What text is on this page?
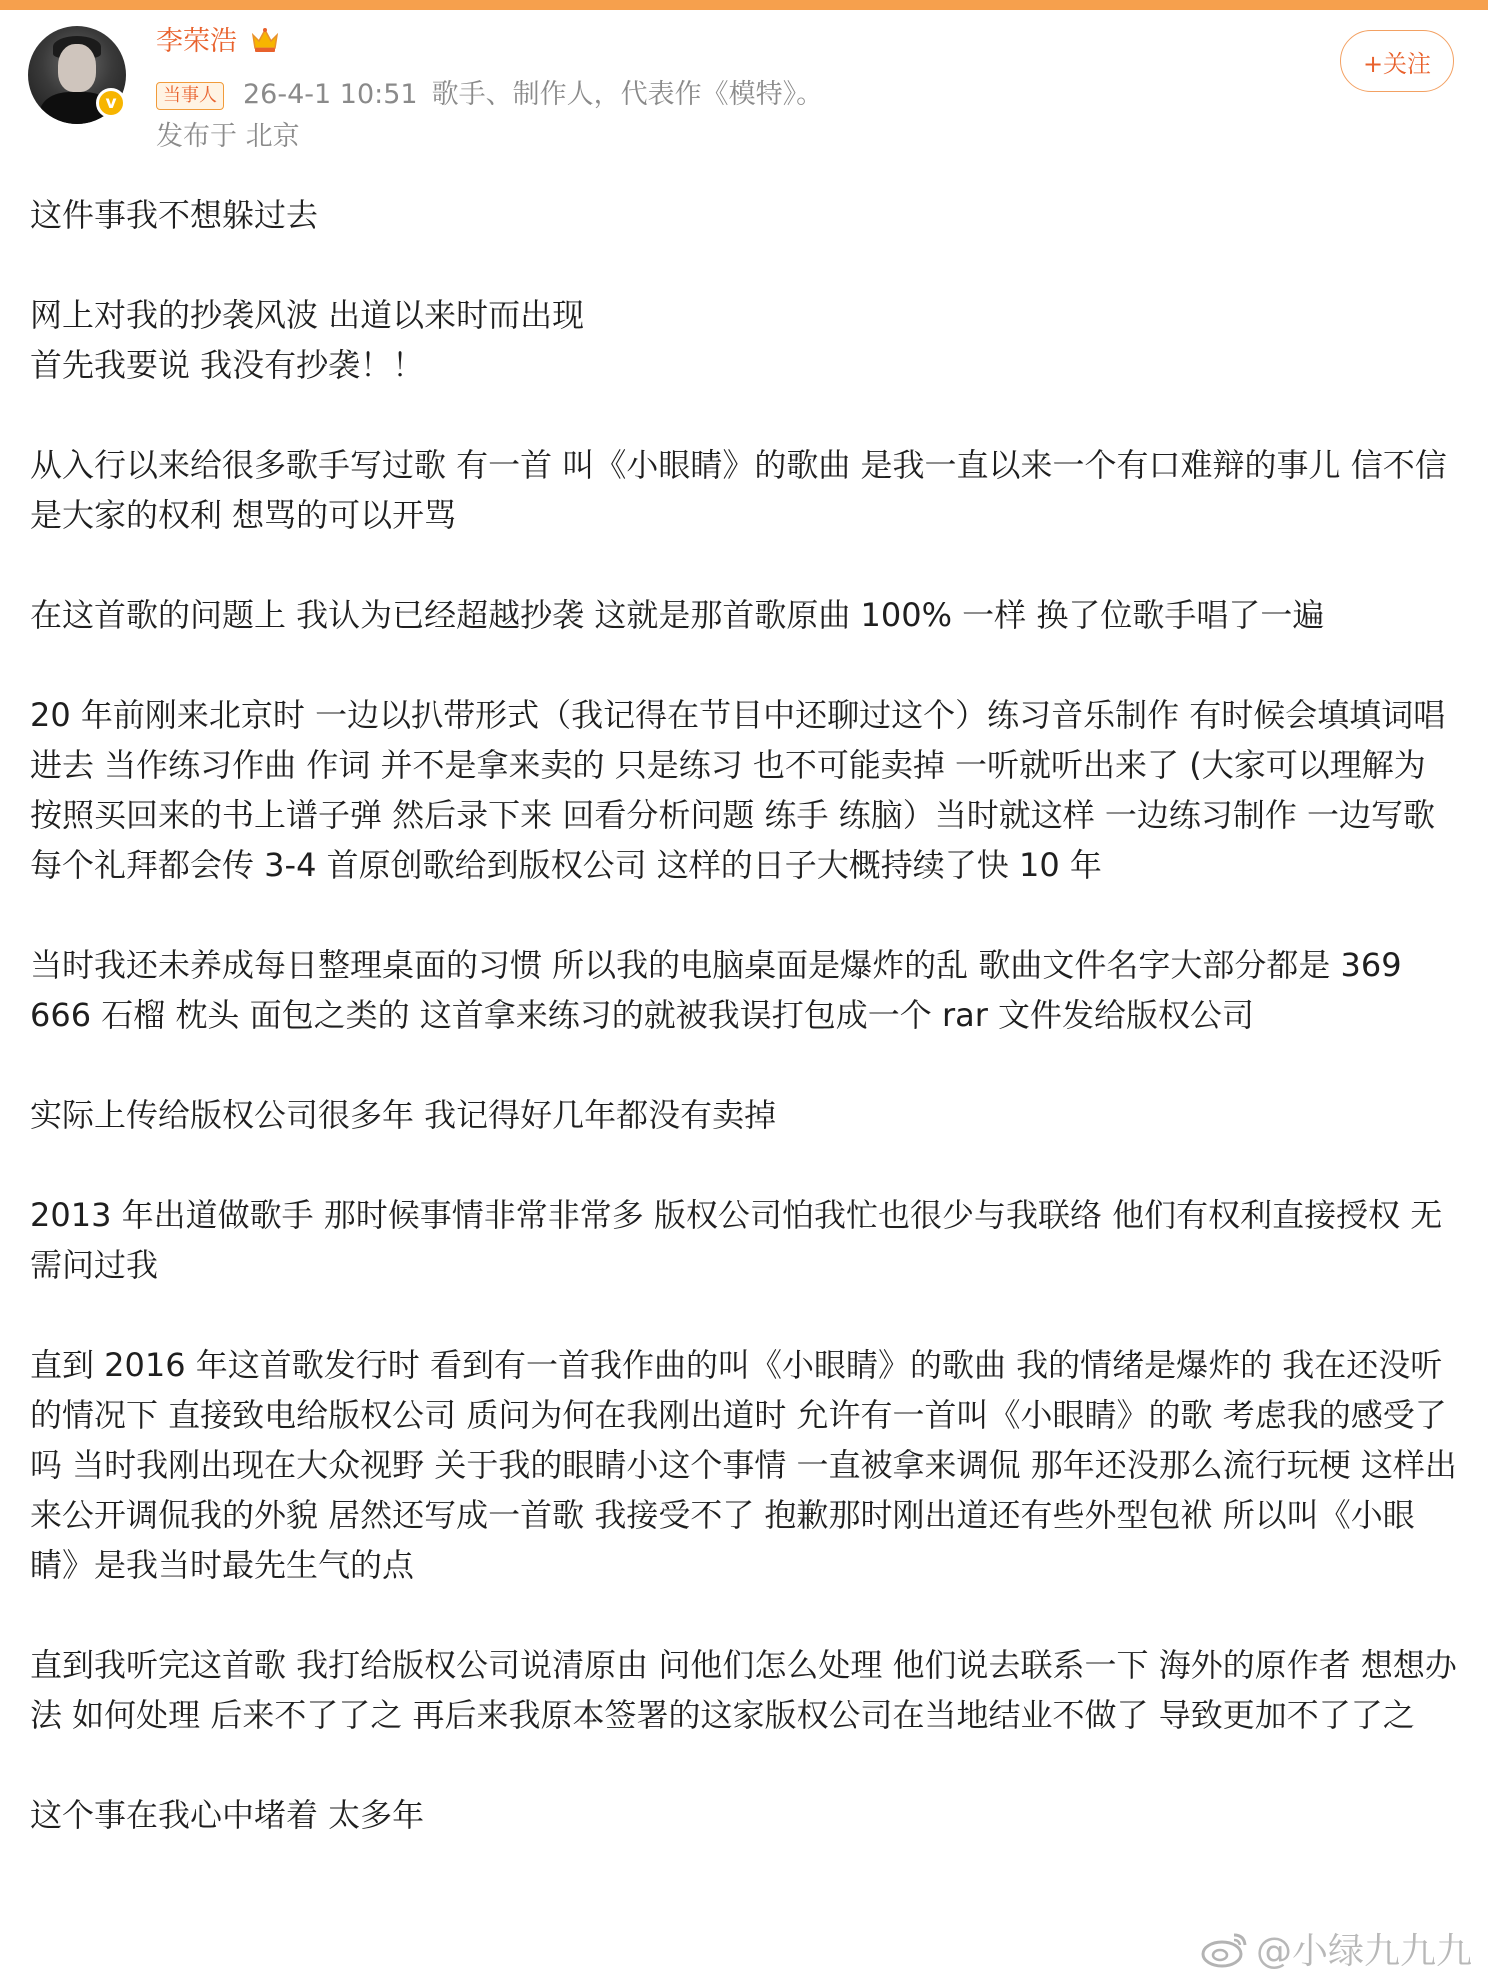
v
李荣浩
当事人 26-4-1 10:51 歌手、制作人，代表作《模特》。
发布于 北京
+关注

这件事我不想躲过去

网上对我的抄袭风波 出道以来时而出现
首先我要说 我没有抄袭！！

从入行以来给很多歌手写过歌 有一首 叫《小眼睛》的歌曲 是我一直以来一个有口难辩的事儿 信不信是大家的权利 想骂的可以开骂

在这首歌的问题上 我认为已经超越抄袭 这就是那首歌原曲 100% 一样 换了位歌手唱了一遍

20 年前刚来北京时 一边以扒带形式（我记得在节目中还聊过这个）练习音乐制作 有时候会填填词唱进去 当作练习作曲 作词 并不是拿来卖的 只是练习 也不可能卖掉 一听就听出来了 (大家可以理解为 按照买回来的书上谱子弹 然后录下来 回看分析问题 练手 练脑）当时就这样 一边练习制作 一边写歌 每个礼拜都会传 3-4 首原创歌给到版权公司 这样的日子大概持续了快 10 年

当时我还未养成每日整理桌面的习惯 所以我的电脑桌面是爆炸的乱 歌曲文件名字大部分都是 369 666 石榴 枕头 面包之类的 这首拿来练习的就被我误打包成一个 rar 文件发给版权公司

实际上传给版权公司很多年 我记得好几年都没有卖掉

2013 年出道做歌手 那时候事情非常非常多 版权公司怕我忙也很少与我联络 他们有权利直接授权 无需问过我

直到 2016 年这首歌发行时 看到有一首我作曲的叫《小眼睛》的歌曲 我的情绪是爆炸的 我在还没听的情况下 直接致电给版权公司 质问为何在我刚出道时 允许有一首叫《小眼睛》的歌 考虑我的感受了吗 当时我刚出现在大众视野 关于我的眼睛小这个事情 一直被拿来调侃 那年还没那么流行玩梗 这样出来公开调侃我的外貌 居然还写成一首歌 我接受不了 抱歉那时刚出道还有些外型包袱 所以叫《小眼睛》是我当时最先生气的点

直到我听完这首歌 我打给版权公司说清原由 问他们怎么处理 他们说去联系一下 海外的原作者 想想办法 如何处理 后来不了了之 再后来我原本签署的这家版权公司在当地结业不做了 导致更加不了了之

这个事在我心中堵着 太多年

@小绿九九九
